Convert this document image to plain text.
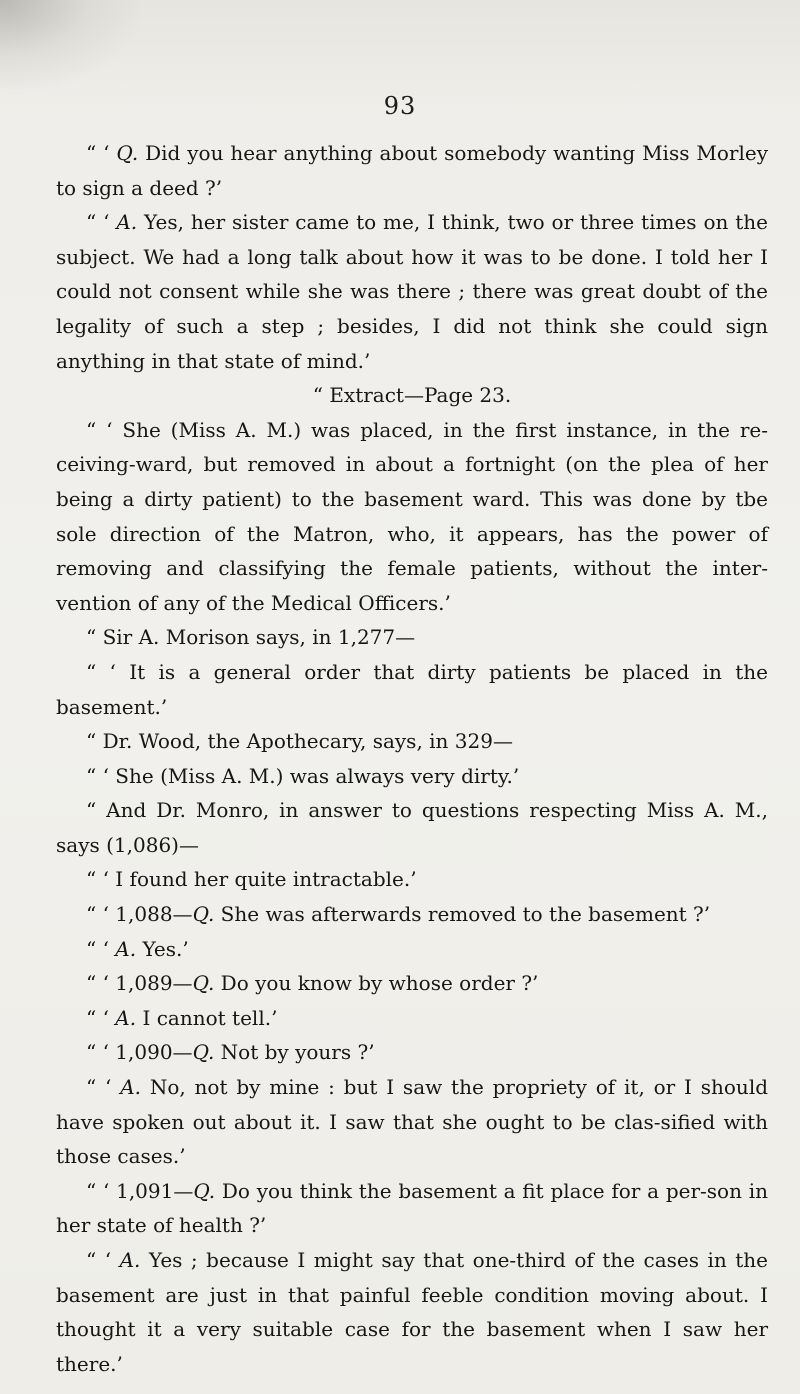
93

“ ‘ Q. Did you hear anything about somebody wanting Miss Morley to sign a deed ?’

“ ‘ A. Yes, her sister came to me, I think, two or three times on the subject. We had a long talk about how it was to be done. I told her I could not consent while she was there ; there was great doubt of the legality of such a step ; besides, I did not think she could sign anything in that state of mind.’

“ Extract—Page 23.

“ ‘ She (Miss A. M.) was placed, in the first instance, in the re-ceiving-ward, but removed in about a fortnight (on the plea of her being a dirty patient) to the basement ward. This was done by tbe sole direction of the Matron, who, it appears, has the power of removing and classifying the female patients, without the inter-vention of any of the Medical Officers.’

“ Sir A. Morison says, in 1,277—

“ ‘ It is a general order that dirty patients be placed in the basement.’

“ Dr. Wood, the Apothecary, says, in 329—

“ ‘ She (Miss A. M.) was always very dirty.’

“ And Dr. Monro, in answer to questions respecting Miss A. M., says (1,086)—

“ ‘ I found her quite intractable.’

“ ‘ 1,088—Q. She was afterwards removed to the basement ?’

“ ‘ A. Yes.’

“ ‘ 1,089—Q. Do you know by whose order ?’

“ ‘ A. I cannot tell.’

“ ‘ 1,090—Q. Not by yours ?’

“ ‘ A. No, not by mine : but I saw the propriety of it, or I should have spoken out about it. I saw that she ought to be clas-sified with those cases.’

“ ‘ 1,091—Q. Do you think the basement a fit place for a per-son in her state of health ?’

“ ‘ A. Yes ; because I might say that one-third of the cases in the basement are just in that painful feeble condition moving about. I thought it a very suitable case for the basement when I saw her there.’
